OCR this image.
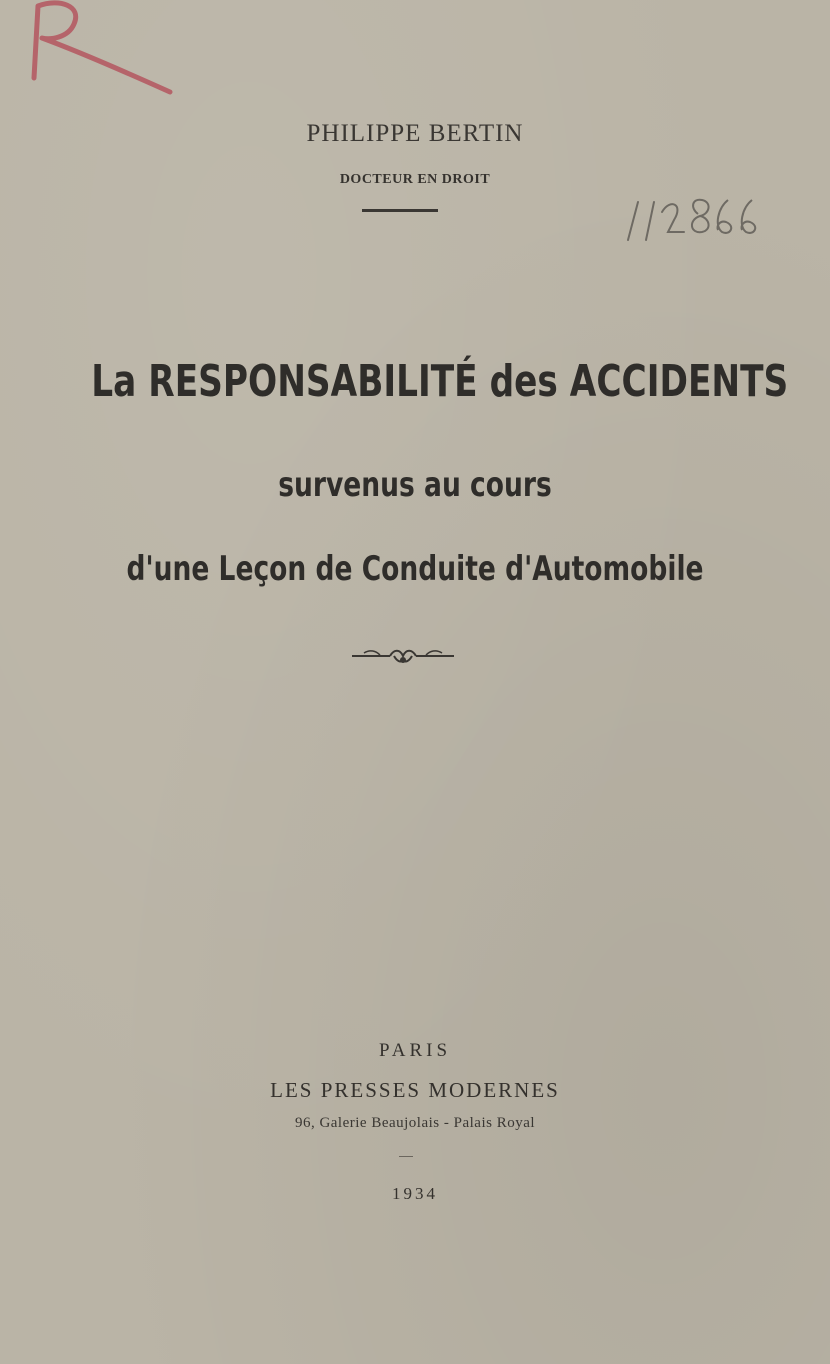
PHILIPPE BERTIN
DOCTEUR EN DROIT
La RESPONSABILITÉ des ACCIDENTS
survenus au cours
d'une Leçon de Conduite d'Automobile
PARIS
LES PRESSES MODERNES
96, Galerie Beaujolais - Palais Royal
1934
